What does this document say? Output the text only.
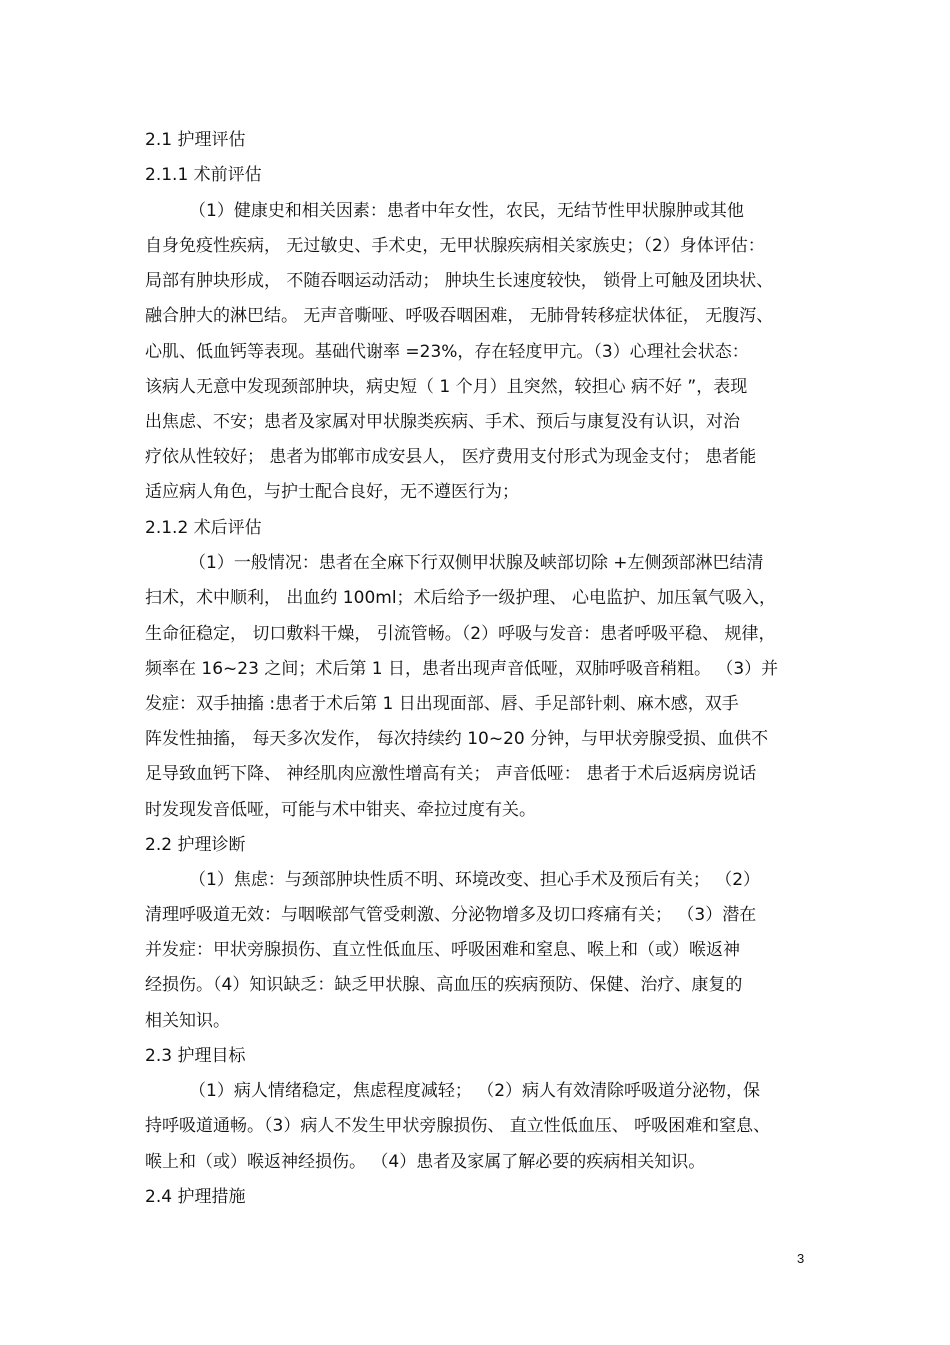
2.1 护理评估
2.1.1 术前评估
（1）健康史和相关因素：患者中年女性，农民，无结节性甲状腺肿或其他
自身免疫性疾病， 无过敏史、手术史，无甲状腺疾病相关家族史；（2）身体评估：
局部有肿块形成， 不随吞咽运动活动； 肿块生长速度较快， 锁骨上可触及团块状、
融合肿大的淋巴结。 无声音嘶哑、呼吸吞咽困难， 无肺骨转移症状体征， 无腹泻、
心肌、低血钙等表现。基础代谢率 =23%，存在轻度甲亢。（3）心理社会状态：
该病人无意中发现颈部肿块，病史短（ 1 个月）且突然，较担心 病不好 ”，表现
出焦虑、不安；患者及家属对甲状腺类疾病、手术、预后与康复没有认识，对治
疗依从性较好； 患者为邯郸市成安县人， 医疗费用支付形式为现金支付； 患者能
适应病人角色，与护士配合良好，无不遵医行为；
2.1.2 术后评估
（1）一般情况：患者在全麻下行双侧甲状腺及峡部切除 +左侧颈部淋巴结清
扫术，术中顺利， 出血约 100ml；术后给予一级护理、 心电监护、加压氧气吸入，
生命征稳定， 切口敷料干燥， 引流管畅。（2）呼吸与发音：患者呼吸平稳、 规律，
频率在 16~23 之间；术后第 1 日，患者出现声音低哑，双肺呼吸音稍粗。 （3）并
发症：双手抽搐 :患者于术后第 1 日出现面部、唇、手足部针刺、麻木感，双手
阵发性抽搐， 每天多次发作， 每次持续约 10~20 分钟，与甲状旁腺受损、血供不
足导致血钙下降、 神经肌肉应激性增高有关； 声音低哑： 患者于术后返病房说话
时发现发音低哑，可能与术中钳夹、牵拉过度有关。
2.2 护理诊断
（1）焦虑：与颈部肿块性质不明、环境改变、担心手术及预后有关； （2）
清理呼吸道无效：与咽喉部气管受刺激、分泌物增多及切口疼痛有关； （3）潜在
并发症：甲状旁腺损伤、直立性低血压、呼吸困难和窒息、喉上和（或）喉返神
经损伤。（4）知识缺乏：缺乏甲状腺、高血压的疾病预防、保健、治疗、康复的
相关知识。
2.3 护理目标
（1）病人情绪稳定，焦虑程度减轻； （2）病人有效清除呼吸道分泌物，保
持呼吸道通畅。（3）病人不发生甲状旁腺损伤、 直立性低血压、 呼吸困难和窒息、
喉上和（或）喉返神经损伤。 （4）患者及家属了解必要的疾病相关知识。
2.4 护理措施
3
